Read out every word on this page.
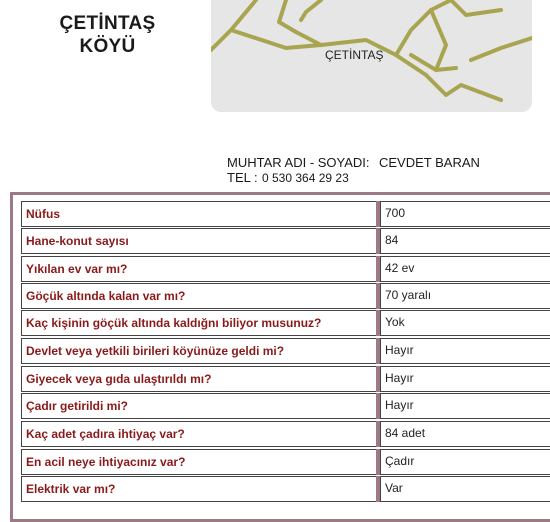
ÇETİNTAŞ
KÖYÜ	ÇETİNTAŞ
MUHTAR ADI - SOYADI: CEVDET BARAN
TEL : 0 530 364 29 23
Nüfus	700
Hane-konut sayısı	84
Yıkılan ev var mı?	42 ev
Göçük altında kalan var mı?	70 yaralı
Kaç kişinin göçük altında kaldığnı biliyor musunuz?	Yok
Devlet veya yetkili birileri köyünüze geldi mi?	Hayır
Giyecek veya gıda ulaştırıldı mı?	Hayır
Çadır getirildi mi?	Hayır
Kaç adet çadıra ihtiyaç var?	84 adet
En acil neye ihtiyacınız var?	Çadır
Elektrik var mı?	Var
